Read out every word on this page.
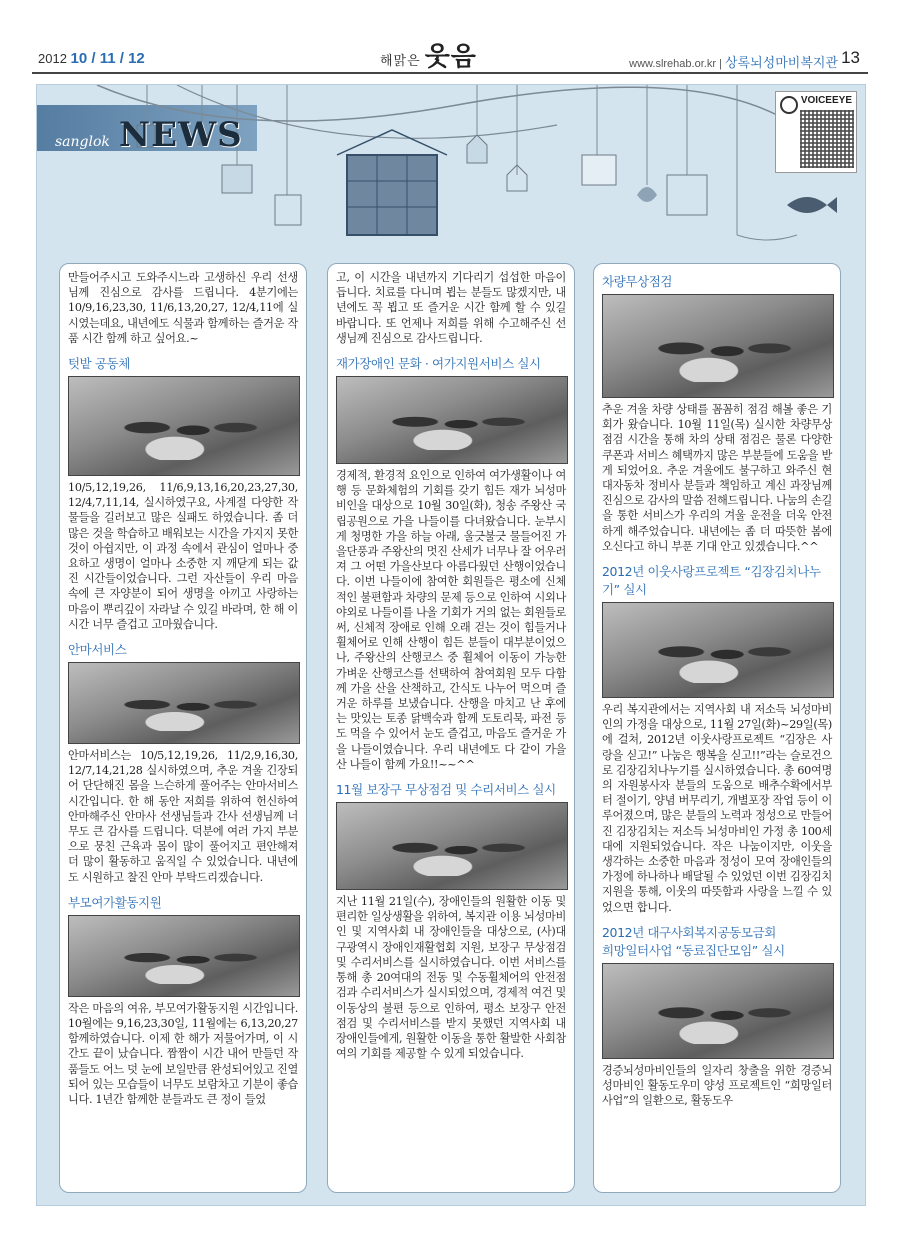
2012 10 / 11 / 12	해맑은 웃음	www.slrehab.or.kr | 상록뇌성마비복지관 13
sanglok NEWS
VOICEEYE

만들어주시고 도와주시느라 고생하신 우리 선생님께 진심으로 감사를 드립니다. 4분기에는 10/9,16,23,30, 11/6,13,20,27, 12/4,11에 실시였는데요, 내년에도 식물과 함께하는 즐거운 작품 시간 함께 하고 싶어요.~

텃밭 공동체

10/5,12,19,26, 11/6,9,13,16,20,23,27,30, 12/4,7,11,14, 실시하였구요, 사계절 다양한 작물들을 길러보고 많은 실패도 하였습니다. 좀 더 많은 것을 학습하고 배워보는 시간을 가지지 못한 것이 아쉽지만, 이 과정 속에서 관심이 얼마나 중요하고 생명이 얼마나 소중한 지 깨닫게 되는 값진 시간들이었습니다. 그런 자산들이 우리 마음 속에 큰 자양분이 되어 생명을 아끼고 사랑하는 마음이 뿌리깊이 자라날 수 있길 바라며, 한 해 이 시간 너무 즐겁고 고마웠습니다.

안마서비스

안마서비스는 10/5,12,19,26, 11/2,9,16,30, 12/7,14,21,28 실시하였으며, 추운 겨울 긴장되어 단단해진 몸을 느슨하게 풀어주는 안마서비스 시간입니다. 한 해 동안 저희를 위하여 헌신하여 안마해주신 안마사 선생님들과 간사 선생님께 너무도 큰 감사를 드립니다. 덕분에 여러 가지 부분으로 뭉친 근육과 몸이 많이 풀어지고 편안해져 더 많이 활동하고 움직일 수 있었습니다. 내년에도 시원하고 찰진 안마 부탁드리겠습니다.

부모여가활동지원

작은 마음의 여유, 부모여가활동지원 시간입니다. 10월에는 9,16,23,30일, 11월에는 6,13,20,27 함께하였습니다. 이제 한 해가 저물어가며, 이 시간도 끝이 났습니다. 짬짬이 시간 내어 만들던 작품들도 어느 덧 눈에 보일만큼 완성되어있고 진열되어 있는 모습들이 너무도 보람차고 기분이 좋습니다. 1년간 함께한 분들과도 큰 정이 들었

고, 이 시간을 내년까지 기다리기 섭섭한 마음이 듭니다. 치료를 다니며 뵙는 분들도 많겠지만, 내년에도 꼭 뵙고 또 즐거운 시간 함께 할 수 있길 바랍니다. 또 언제나 저희를 위해 수고해주신 선생님께 진심으로 감사드립니다.

재가장애인 문화 · 여가지원서비스 실시

경제적, 환경적 요인으로 인하여 여가생활이나 여행 등 문화체험의 기회를 갖기 힘든 재가 뇌성마비인을 대상으로 10월 30일(화), 청송 주왕산 국립공원으로 가을 나들이를 다녀왔습니다. 눈부시게 청명한 가을 하늘 아래, 울긋불긋 물들어진 가을단풍과 주왕산의 멋진 산세가 너무나 잘 어우러져 그 어떤 가을산보다 아름다웠던 산행이었습니다. 이번 나들이에 참여한 회원들은 평소에 신체적인 불편함과 차량의 문제 등으로 인하여 시외나 야외로 나들이를 나올 기회가 거의 없는 회원들로써, 신체적 장애로 인해 오래 걷는 것이 힘들거나 휠체어로 인해 산행이 힘든 분들이 대부분이었으나, 주왕산의 산행코스 중 휠체어 이동이 가능한 가벼운 산행코스를 선택하여 참여회원 모두 다함께 가을 산을 산책하고, 간식도 나누어 먹으며 즐거운 하루를 보냈습니다. 산행을 마치고 난 후에는 맛있는 토종 닭백숙과 함께 도토리묵, 파전 등도 먹을 수 있어서 눈도 즐겁고, 마음도 즐거운 가을 나들이였습니다. 우리 내년에도 다 같이 가을 산 나들이 함께 가요!!~~^^

11월 보장구 무상점검 및 수리서비스 실시

지난 11월 21일(수), 장애인들의 원활한 이동 및 편리한 일상생활을 위하여, 복지관 이용 뇌성마비인 및 지역사회 내 장애인들을 대상으로, (사)대구광역시 장애인재활협회 지원, 보장구 무상점검 및 수리서비스를 실시하였습니다. 이번 서비스를 통해 총 20여대의 전동 및 수동휠체어의 안전점검과 수리서비스가 실시되었으며, 경제적 여건 및 이동상의 불편 등으로 인하여, 평소 보장구 안전점검 및 수리서비스를 받지 못했던 지역사회 내 장애인들에게, 원활한 이동을 통한 활발한 사회참여의 기회를 제공할 수 있게 되었습니다.

차량무상점검

추운 겨울 차량 상태를 꼼꼼히 점검 해볼 좋은 기회가 왔습니다. 10월 11일(목) 실시한 차량무상점검 시간을 통해 차의 상태 점검은 물론 다양한 쿠폰과 서비스 혜택까지 많은 부분들에 도움을 받게 되었어요. 추운 겨울에도 불구하고 와주신 현대자동차 정비사 분들과 책임하고 계신 과장님께 진심으로 감사의 말씀 전해드립니다. 나눔의 손길을 통한 서비스가 우리의 겨울 운전을 더욱 안전하게 해주었습니다. 내년에는 좀 더 따뜻한 봄에 오신다고 하니 부푼 기대 안고 있겠습니다.^^

2012년 이웃사랑프로젝트 “김장김치나누기” 실시

우리 복지관에서는 지역사회 내 저소득 뇌성마비인의 가정을 대상으로, 11월 27일(화)~29일(목)에 걸쳐, 2012년 이웃사랑프로젝트 “김장은 사랑을 싣고!” 나눔은 행복을 싣고!!”라는 슬로건으로 김장김치나누기를 실시하였습니다. 총 60여명의 자원봉사자 분들의 도움으로 배추수확에서부터 절이기, 양념 버무리기, 개별포장 작업 등이 이루어졌으며, 많은 분들의 노력과 정성으로 만들어진 김장김치는 저소득 뇌성마비인 가정 총 100세대에 지원되었습니다. 작은 나눔이지만, 이웃을 생각하는 소중한 마음과 정성이 모여 장애인들의 가정에 하나하나 배달될 수 있었던 이번 김장김치 지원을 통해, 이웃의 따뜻함과 사랑을 느낄 수 있었으면 합니다.

2012년 대구사회복지공동모금회
희망일터사업 “동료집단모임” 실시

경증뇌성마비인들의 일자리 창출을 위한 경증뇌성마비인 활동도우미 양성 프로젝트인 “희망일터사업”의 일환으로, 활동도우
